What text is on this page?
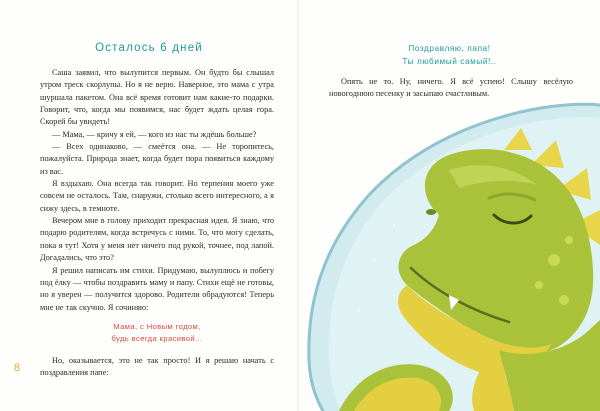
Осталось 6 дней

Саша заявил, что вылупится первым. Он будто бы слышал утром треск скорлупы. Но я не верю. Наверное, это мама с утра шуршала пакетом. Она всё время готовит нам какие-то подарки. Говорит, что, когда мы появимся, нас будет ждать целая гора. Скорей бы увидеть!

— Мама, — кричу я ей, — кого из нас ты ждёшь больше?

— Всех одинаково, — смеётся она. — Не торопитесь, пожалуйста. Природа знает, когда будет пора появиться каждому из вас.

Я вздыхаю. Она всегда так говорит. Но терпения моего уже совсем не осталось. Там, снаружи, столько всего интересного, а я сижу здесь, в темноте.

Вечером мне в голову приходит прекрасная идея. Я знаю, что подарю родителям, когда встречусь с ними. То, что могу сделать, пока я тут! Хотя у меня нет ничего под рукой, точнее, под лапой. Догадались, что это?

Я решил написать им стихи. Придумаю, вылуплюсь и побегу под ёлку — чтобы поздравить маму и папу. Стихи ещё не готовы, но я уверен — получится здорово. Родители обрадуются! Теперь мне не так скучно. Я сочиняю:

Мама, с Новым годом,
будь всегда красивой...

Но, оказывается, это не так просто! И я решаю начать с поздравления папе:

8
Поздравляю, папа!
Ты любимый самый!..

Опять не то. Ну, ничего. Я всё успею! Слышу весёлую новогоднюю песенку и засыпаю счастливым.
